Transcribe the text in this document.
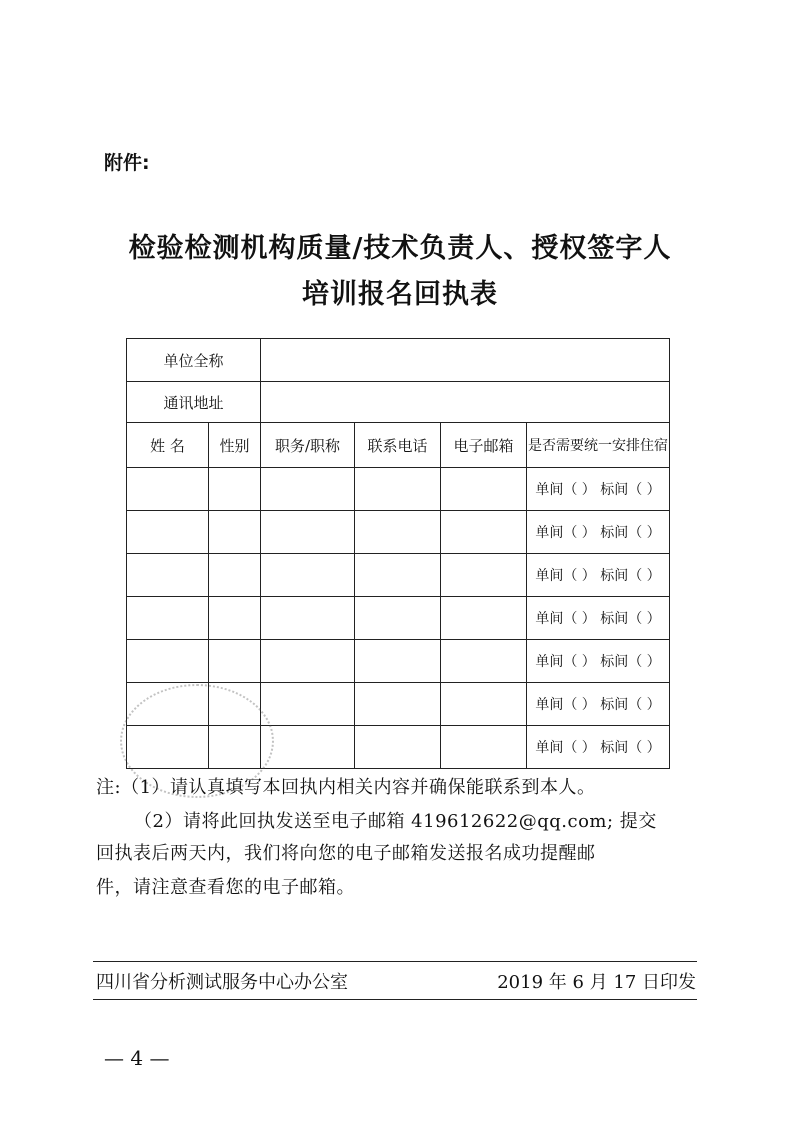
附件:
检验检测机构质量/技术负责人、授权签字人
培训报名回执表
单位全称					
通讯地址					
姓 名	性别	职务/职称	联系电话	电子邮箱	是否需要统一安排住宿
					单间（ ） 标间（ ）
					单间（ ） 标间（ ）
					单间（ ） 标间（ ）
					单间（ ） 标间（ ）
					单间（ ） 标间（ ）
					单间（ ） 标间（ ）
					单间（ ） 标间（ ）
注:（1）请认真填写本回执内相关内容并确保能联系到本人。
（2）请将此回执发送至电子邮箱 419612622@qq.com; 提交
回执表后两天内，我们将向您的电子邮箱发送报名成功提醒邮
件，请注意查看您的电子邮箱。
四川省分析测试服务中心办公室	2019 年 6 月 17 日印发
— 4 —
